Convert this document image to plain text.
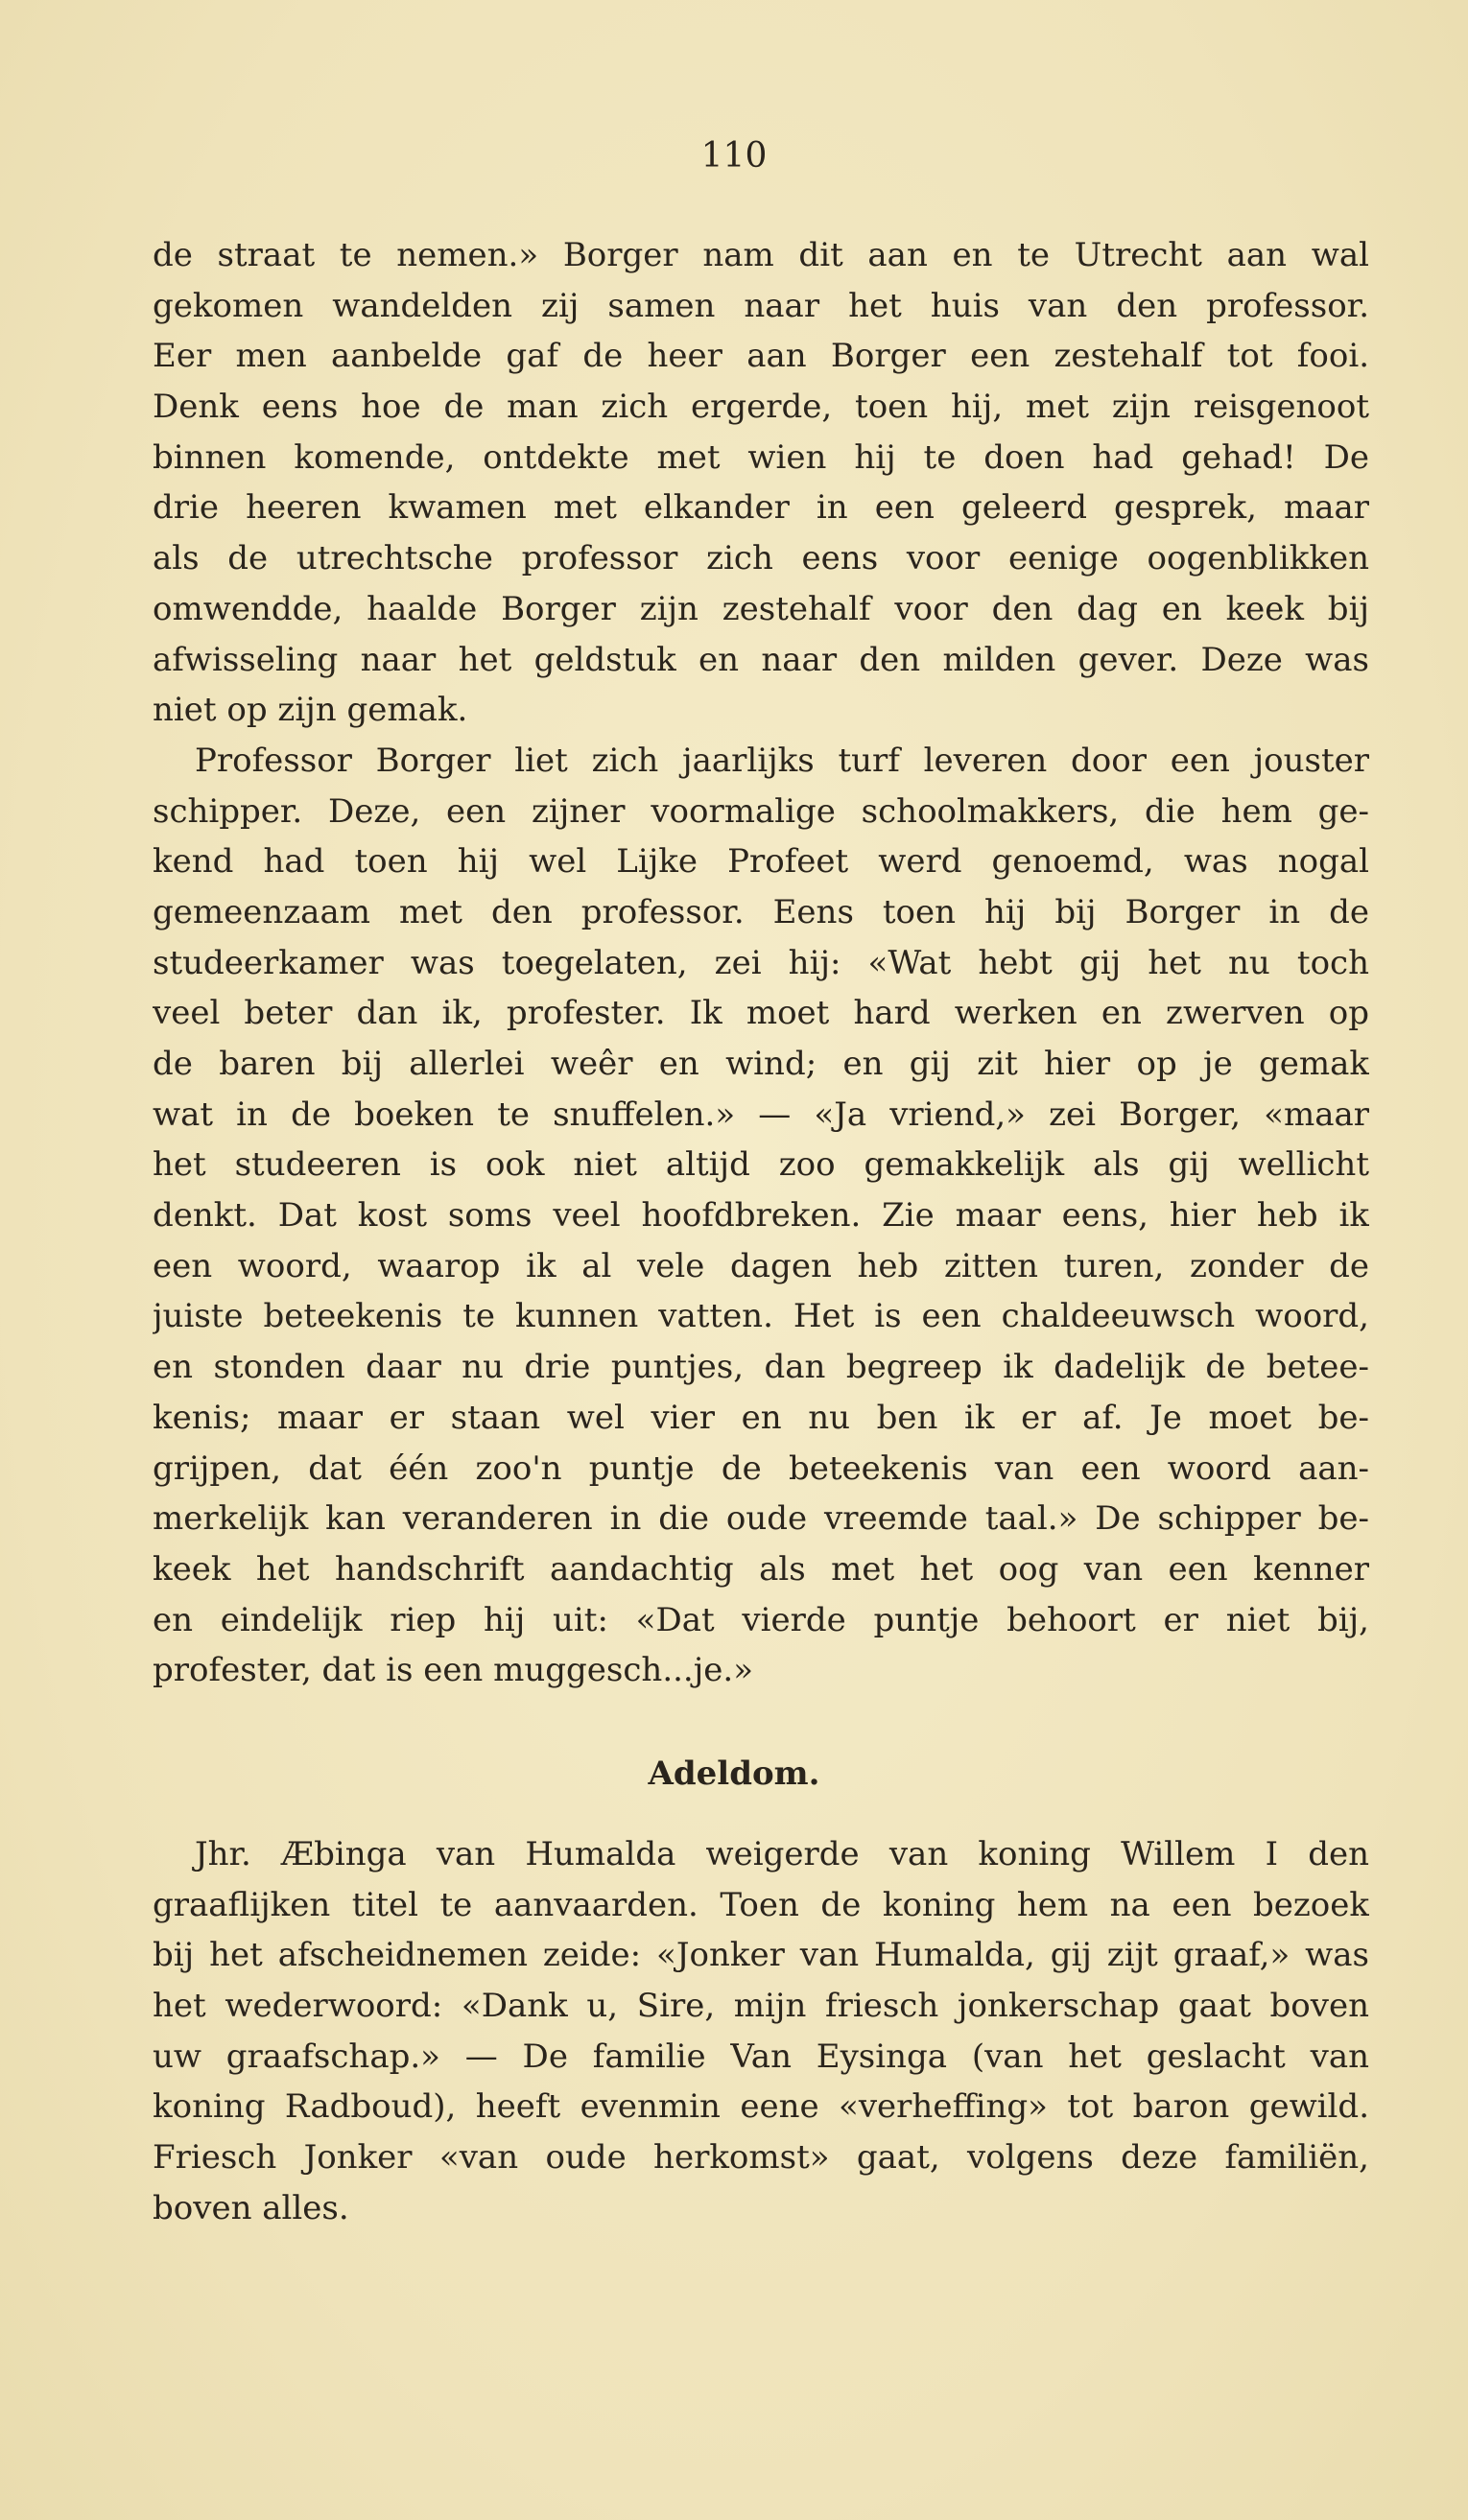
110
de straat te nemen.» Borger nam dit aan en te Utrecht aan wal
gekomen wandelden zij samen naar het huis van den professor.
Eer men aanbelde gaf de heer aan Borger een zestehalf tot fooi.
Denk eens hoe de man zich ergerde, toen hij, met zijn reisgenoot
binnen komende, ontdekte met wien hij te doen had gehad! De
drie heeren kwamen met elkander in een geleerd gesprek, maar
als de utrechtsche professor zich eens voor eenige oogenblikken
omwendde, haalde Borger zijn zestehalf voor den dag en keek bij
afwisseling naar het geldstuk en naar den milden gever. Deze was
niet op zijn gemak.
Professor Borger liet zich jaarlijks turf leveren door een jouster
schipper. Deze, een zijner voormalige schoolmakkers, die hem ge-
kend had toen hij wel Lijke Profeet werd genoemd, was nogal
gemeenzaam met den professor. Eens toen hij bij Borger in de
studeerkamer was toegelaten, zei hij: «Wat hebt gij het nu toch
veel beter dan ik, profester. Ik moet hard werken en zwerven op
de baren bij allerlei weêr en wind; en gij zit hier op je gemak
wat in de boeken te snuffelen.» — «Ja vriend,» zei Borger, «maar
het studeeren is ook niet altijd zoo gemakkelijk als gij wellicht
denkt. Dat kost soms veel hoofdbreken. Zie maar eens, hier heb ik
een woord, waarop ik al vele dagen heb zitten turen, zonder de
juiste beteekenis te kunnen vatten. Het is een chaldeeuwsch woord,
en stonden daar nu drie puntjes, dan begreep ik dadelijk de betee-
kenis; maar er staan wel vier en nu ben ik er af. Je moet be-
grijpen, dat één zoo'n puntje de beteekenis van een woord aan-
merkelijk kan veranderen in die oude vreemde taal.» De schipper be-
keek het handschrift aandachtig als met het oog van een kenner
en eindelijk riep hij uit: «Dat vierde puntje behoort er niet bij,
profester, dat is een muggesch...je.»
Adeldom.
Jhr. Æbinga van Humalda weigerde van koning Willem I den
graaflijken titel te aanvaarden. Toen de koning hem na een bezoek
bij het afscheidnemen zeide: «Jonker van Humalda, gij zijt graaf,» was
het wederwoord: «Dank u, Sire, mijn friesch jonkerschap gaat boven
uw graafschap.» — De familie Van Eysinga (van het geslacht van
koning Radboud), heeft evenmin eene «verheffing» tot baron gewild.
Friesch Jonker «van oude herkomst» gaat, volgens deze familiën,
boven alles.
